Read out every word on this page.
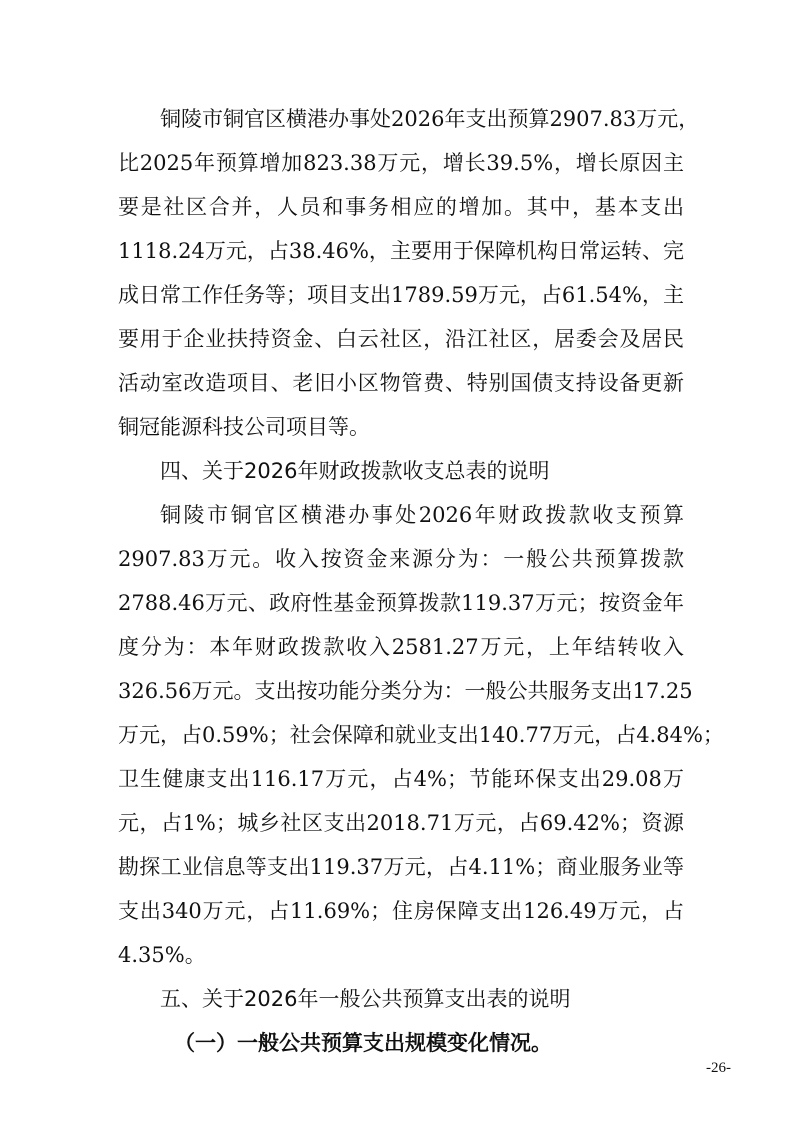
铜陵市铜官区横港办事处2026年支出预算2907.83万元，
比2025年预算增加823.38万元，增长39.5%，增长原因主
要是社区合并，人员和事务相应的增加。其中，基本支出
1118.24万元，占38.46%，主要用于保障机构日常运转、完
成日常工作任务等；项目支出1789.59万元，占61.54%，主
要用于企业扶持资金、白云社区，沿江社区，居委会及居民
活动室改造项目、老旧小区物管费、特别国债支持设备更新
铜冠能源科技公司项目等。
四、关于2026年财政拨款收支总表的说明
铜陵市铜官区横港办事处2026年财政拨款收支预算
2907.83万元。收入按资金来源分为：一般公共预算拨款
2788.46万元、政府性基金预算拨款119.37万元；按资金年
度分为：本年财政拨款收入2581.27万元，上年结转收入
326.56万元。支出按功能分类分为：一般公共服务支出17.25
万元，占0.59%；社会保障和就业支出140.77万元，占4.84%；
卫生健康支出116.17万元，占4%；节能环保支出29.08万
元，占1%；城乡社区支出2018.71万元，占69.42%；资源
勘探工业信息等支出119.37万元，占4.11%；商业服务业等
支出340万元，占11.69%；住房保障支出126.49万元，占
4.35%。
五、关于2026年一般公共预算支出表的说明
（一）一般公共预算支出规模变化情况。
-26-
